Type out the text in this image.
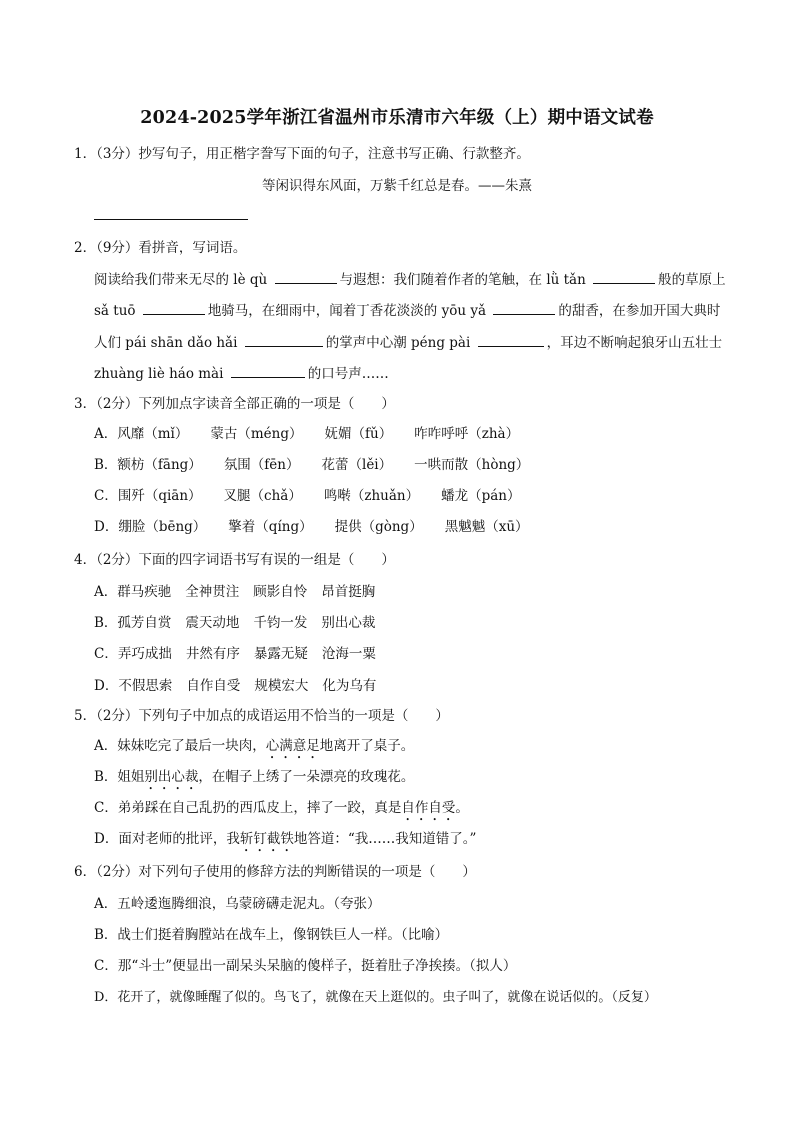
2024-2025学年浙江省温州市乐清市六年级（上）期中语文试卷
1．（3分）抄写句子，用正楷字誊写下面的句子，注意书写正确、行款整齐。
等闲识得东风面，万紫千红总是春。——朱熹
2．（9分）看拼音，写词语。
阅读给我们带来无尽的 lè qù	与遐想：我们随着作者的笔触，在 lǜ tǎn	般的草原上
sǎ tuō	地骑马，在细雨中，闻着丁香花淡淡的 yōu yǎ	的甜香，在参加开国大典时
人们 pái shān dǎo hǎi	的掌声中心潮 péng pài	，耳边不断响起狼牙山五壮士
zhuàng liè háo mài	的口号声……
3．（2分）下列加点字读音全部正确的一项是（　　）
A．风靡（mǐ） 蒙古（méng） 妩媚（fǔ） 咋咋呼呼（zhà）
B．额枋（fāng） 氛围（fēn） 花蕾（lěi） 一哄而散（hòng）
C．围歼（qiān） 叉腿（chǎ） 鸣啭（zhuǎn） 蟠龙（pán）
D．绷脸（bēng） 擎着（qíng） 提供（gòng） 黑魆魆（xū）
4．（2分）下面的四字词语书写有误的一组是（　　）
A．群马疾驰 全神贯注 顾影自怜 昂首挺胸
B．孤芳自赏 震天动地 千钧一发 别出心裁
C．弄巧成拙 井然有序 暴露无疑 沧海一粟
D．不假思索 自作自受 规模宏大 化为乌有
5．（2分）下列句子中加点的成语运用不恰当的一项是（　　）
A．妹妹吃完了最后一块肉，心满意足地离开了桌子。
B．姐姐别出心裁，在帽子上绣了一朵漂亮的玫瑰花。
C．弟弟踩在自己乱扔的西瓜皮上，摔了一跤，真是自作自受。
D．面对老师的批评，我斩钉截铁地答道：“我……我知道错了。”
6．（2分）对下列句子使用的修辞方法的判断错误的一项是（　　）
A．五岭逶迤腾细浪，乌蒙磅礴走泥丸。（夸张）
B．战士们挺着胸膛站在战车上，像钢铁巨人一样。（比喻）
C．那“斗士”便显出一副呆头呆脑的傻样子，挺着肚子净挨揍。（拟人）
D．花开了，就像睡醒了似的。鸟飞了，就像在天上逛似的。虫子叫了，就像在说话似的。（反复）
